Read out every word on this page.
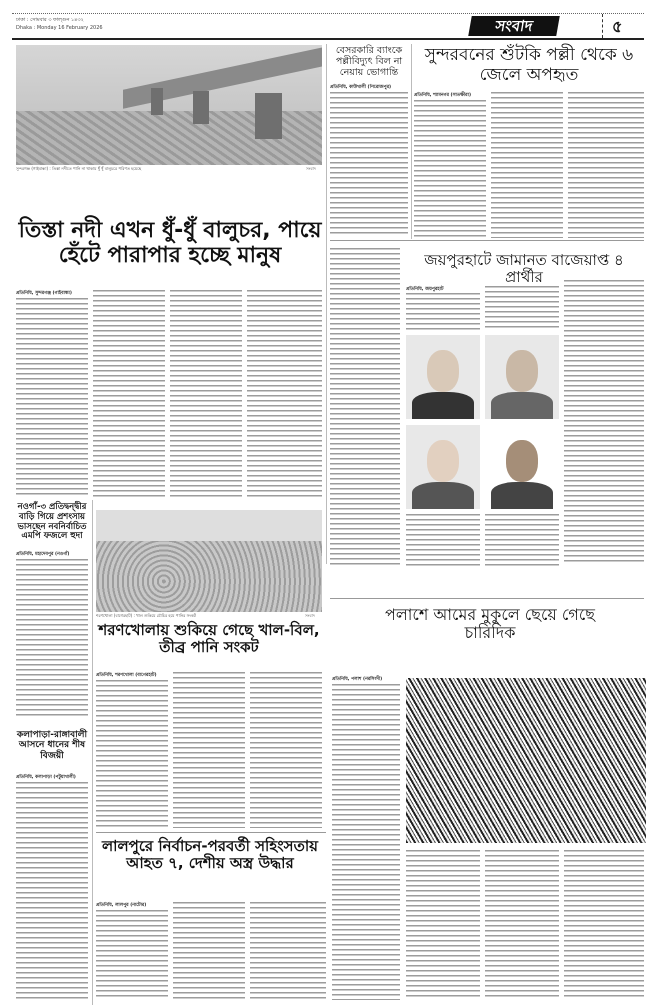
ঢাকা : সোমবার ৩ ফাল্গুন ১৪৩২
Dhaka : Monday 16 February 2026	সংবাদ	৫
সুন্দরগঞ্জ (গাইবান্ধা) : তিস্তা নদীতে পানি না থাকায় ধুঁ ধুঁ বালুচরে পরিণত হয়েছে	সংবাদ
বেসরকারি ব্যাংকে পল্লীবিদ্যুৎ বিল না নেয়ায় ভোগান্তি
প্রতিনিধি, কাউখালী (পিরোজপুর)
সুন্দরবনের শুঁটকি পল্লী থেকে ৬ জেলে অপহৃত
প্রতিনিধি, শ্যামনগর (সাতক্ষীরা)
তিস্তা নদী এখন ধুঁ-ধুঁ বালুচর, পায়ে হেঁটে পারাপার হচ্ছে মানুষ
প্রতিনিধি, সুন্দরগঞ্জ (গাইবান্ধা)
জয়পুরহাটে জামানত বাজেয়াপ্ত ৪ প্রার্থীর
প্রতিনিধি, জয়পুরহাট
নওগাঁ-৩ প্রতিদ্বন্দ্বীর বাড়ি গিয়ে প্রশংসায় ভাসছেন নবনির্বাচিত এমপি ফজলে হুদা
প্রতিনিধি, মহাদেবপুর (নওগাঁ)
শরণখোলা (বাগেরহাট) : খাল শুকিয়ে চৌচির হয়ে পানির সংকট	সংবাদ	পলাশে আমের মুকুলে ছেয়ে গেছে চারিদিক
শরণখোলায় শুকিয়ে গেছে খাল-বিল, তীব্র পানি সংকট
প্রতিনিধি, শরণখোলা (বাগেরহাট)
কলাপাড়া-রাঙ্গাবালী আসনে ধানের শীষ বিজয়ী
প্রতিনিধি, কলাপাড়া (পটুয়াখালী)
প্রতিনিধি, পলাশ (নরসিংদী)
লালপুরে নির্বাচন-পরবর্তী সহিংসতায় আহত ৭, দেশীয় অস্ত্র উদ্ধার
প্রতিনিধি, লালপুর (নাটোর)
